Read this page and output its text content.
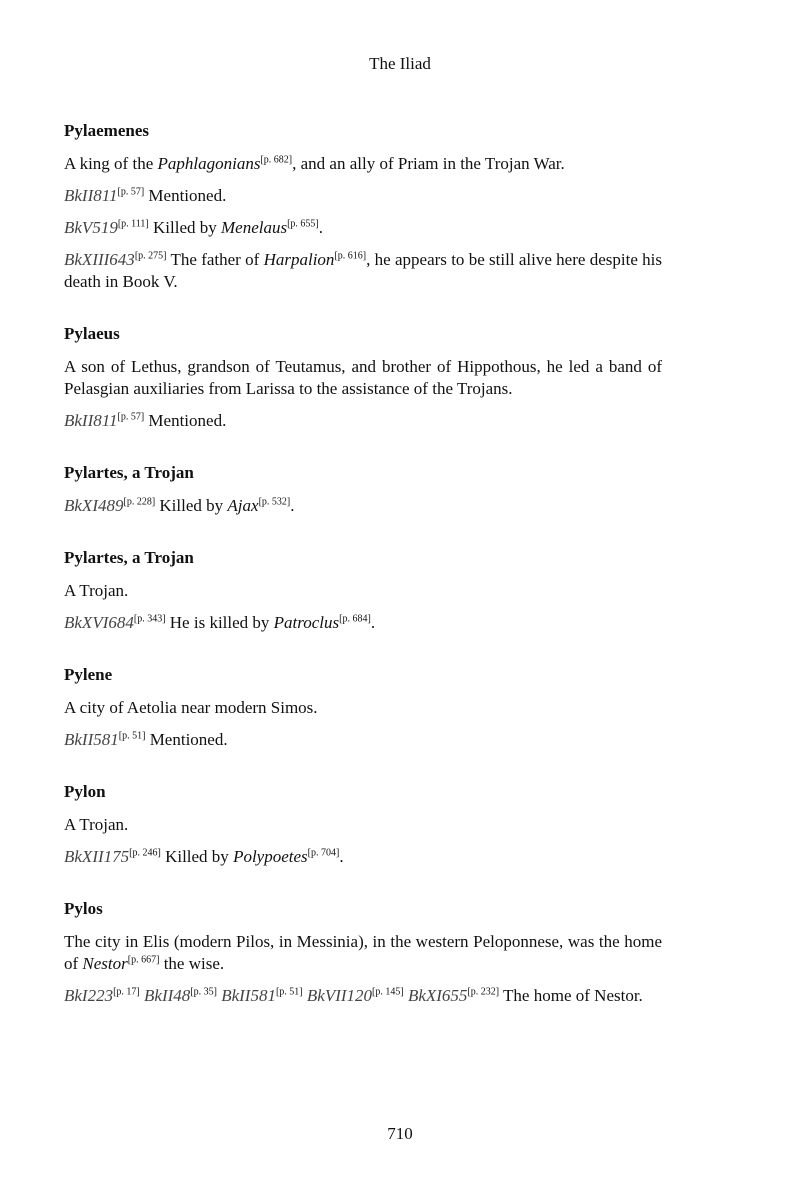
The Iliad
Pylaemenes
A king of the Paphlagonians[p. 682], and an ally of Priam in the Trojan War.
BkII811[p. 57] Mentioned.
BkV519[p. 111] Killed by Menelaus[p. 655].
BkXIII643[p. 275] The father of Harpalion[p. 616], he appears to be still alive here despite his death in Book V.
Pylaeus
A son of Lethus, grandson of Teutamus, and brother of Hippothous, he led a band of Pelasgian auxiliaries from Larissa to the assistance of the Trojans.
BkII811[p. 57] Mentioned.
Pylartes, a Trojan
BkXI489[p. 228] Killed by Ajax[p. 532].
Pylartes, a Trojan
A Trojan.
BkXVI684[p. 343] He is killed by Patroclus[p. 684].
Pylene
A city of Aetolia near modern Simos.
BkII581[p. 51] Mentioned.
Pylon
A Trojan.
BkXII175[p. 246] Killed by Polypoetes[p. 704].
Pylos
The city in Elis (modern Pilos, in Messinia), in the western Peloponnese, was the home of Nestor[p. 667] the wise.
BkI223[p. 17] BkII48[p. 35] BkII581[p. 51] BkVII120[p. 145] BkXI655[p. 232] The home of Nestor.
710
